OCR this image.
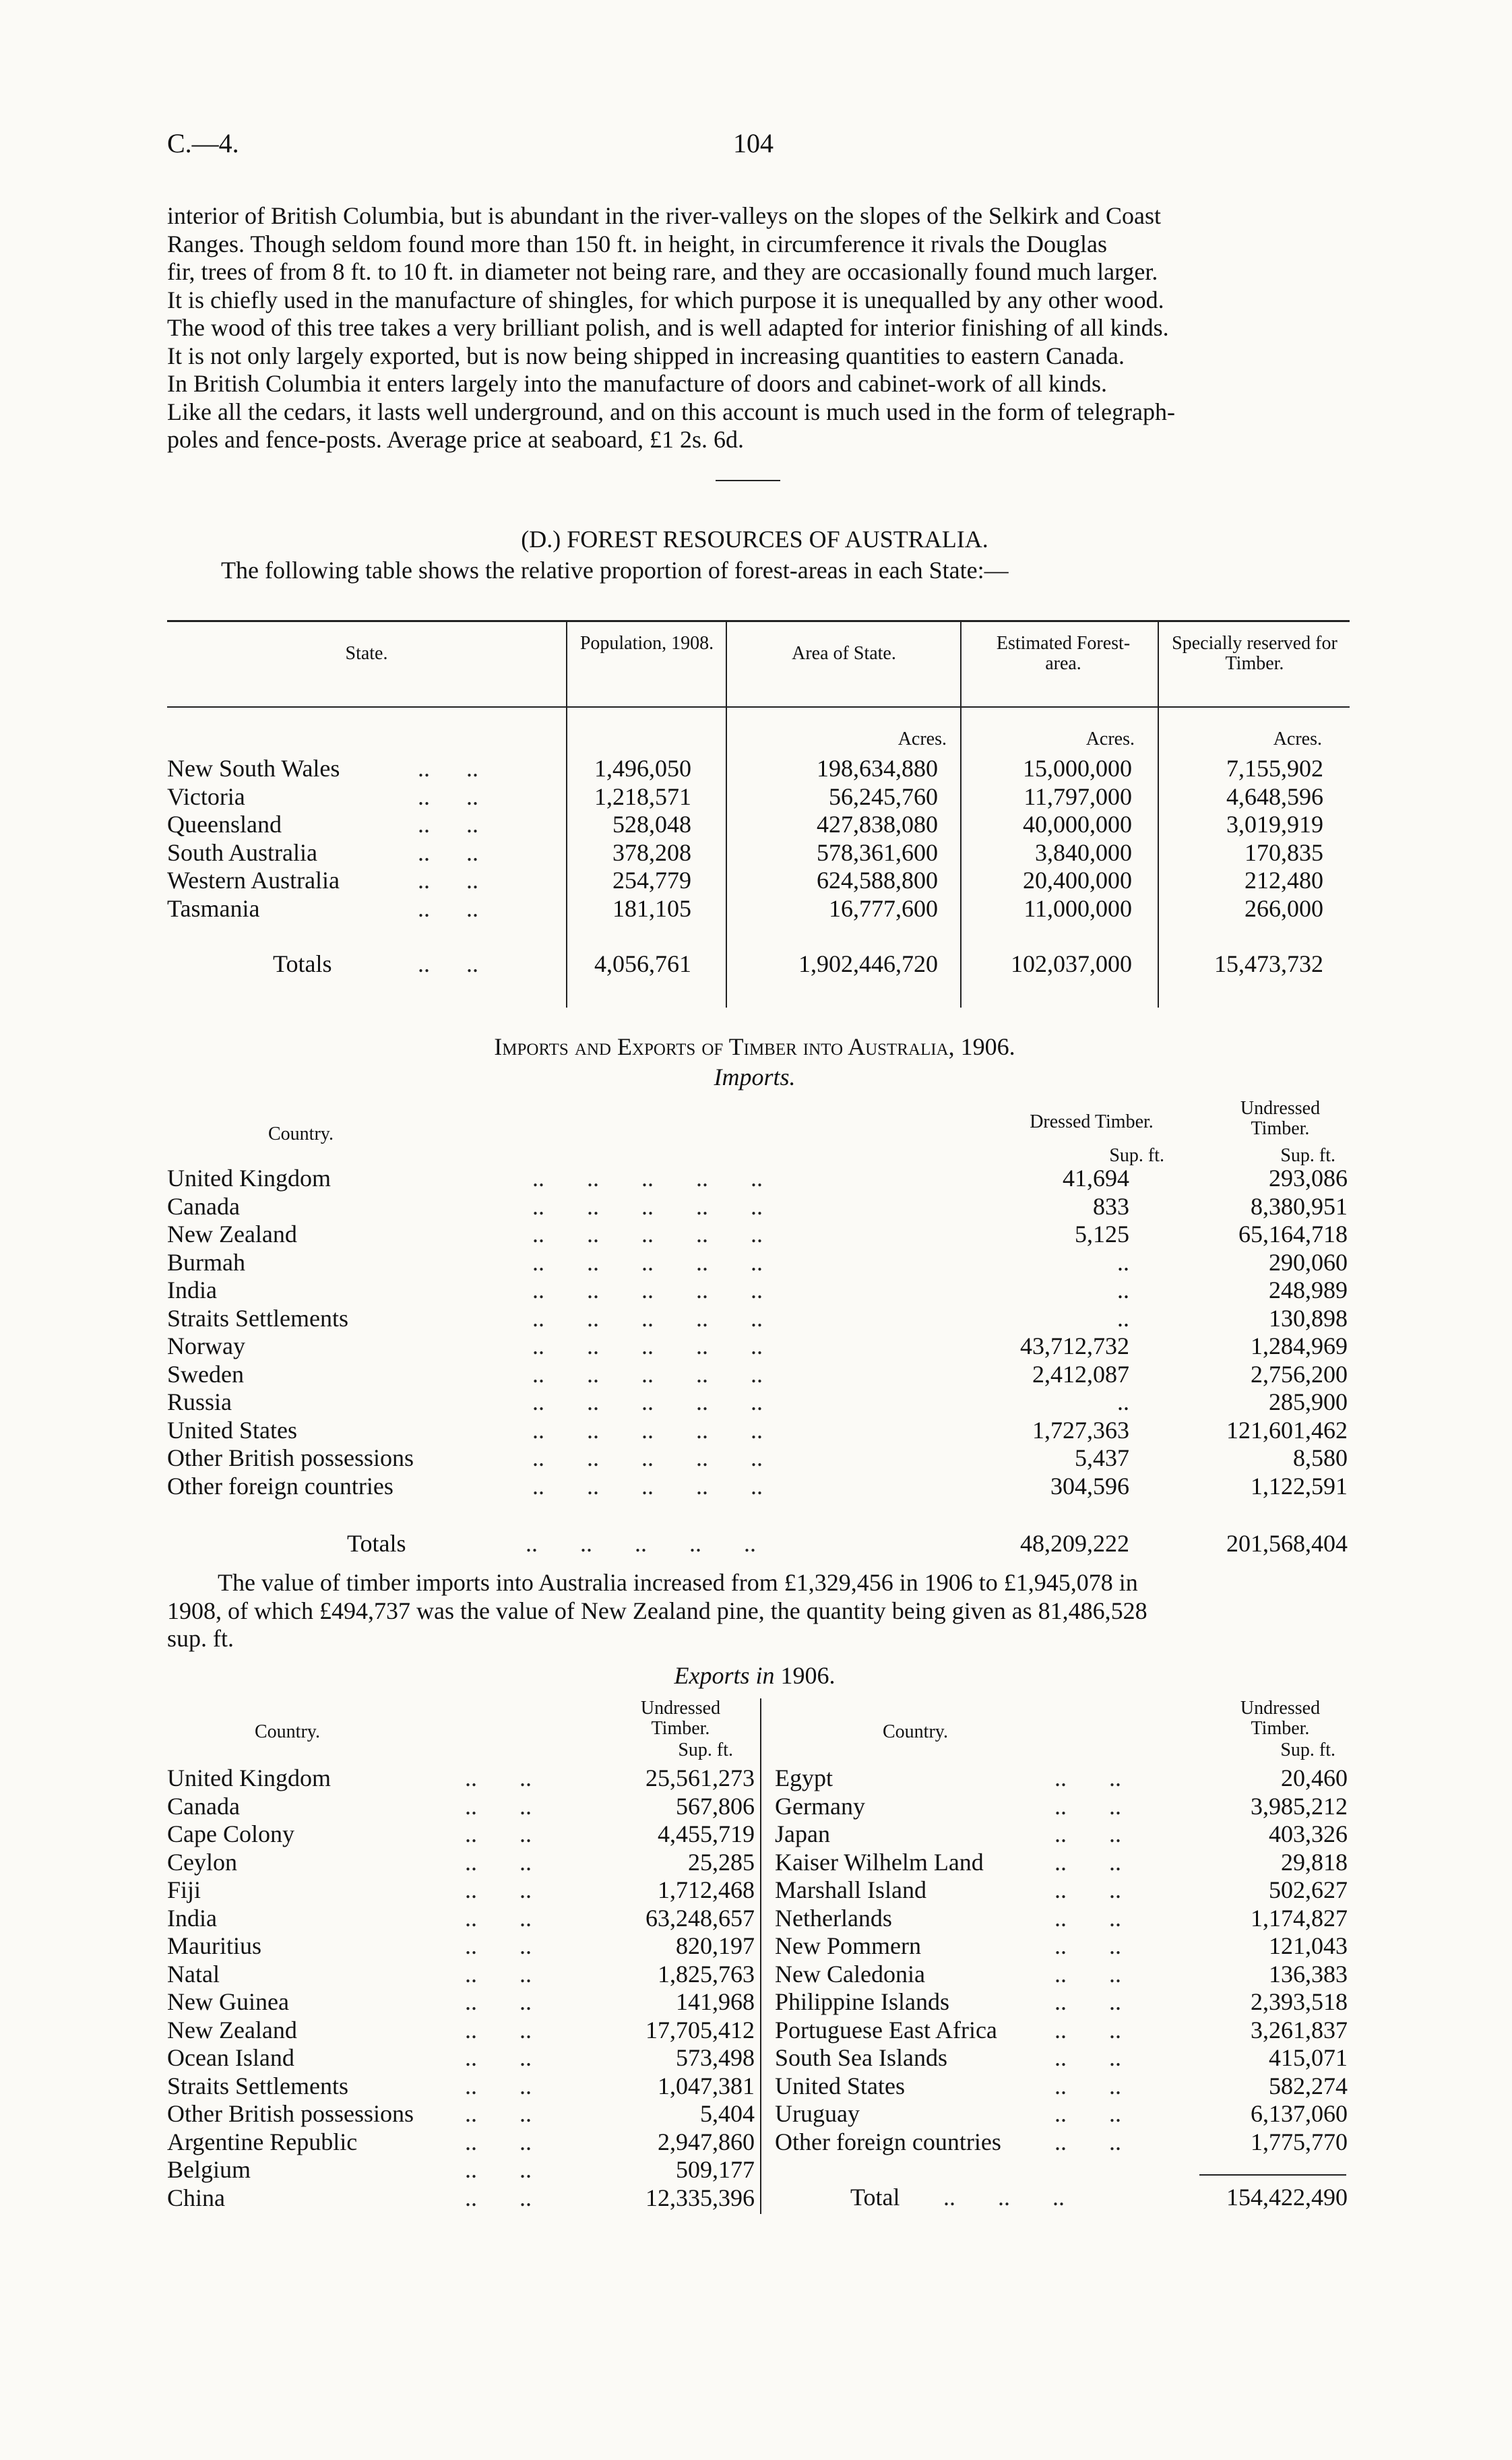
C.—4.	104
interior of British Columbia, but is abundant in the river-valleys on the slopes of the Selkirk and Coast
Ranges. Though seldom found more than 150 ft. in height, in circumference it rivals the Douglas
fir, trees of from 8 ft. to 10 ft. in diameter not being rare, and they are occasionally found much larger.
It is chiefly used in the manufacture of shingles, for which purpose it is unequalled by any other wood.
The wood of this tree takes a very brilliant polish, and is well adapted for interior finishing of all kinds.
It is not only largely exported, but is now being shipped in increasing quantities to eastern Canada.
In British Columbia it enters largely into the manufacture of doors and cabinet-work of all kinds.
Like all the cedars, it lasts well underground, and on this account is much used in the form of telegraph-
poles and fence-posts. Average price at seaboard, £1 2s. 6d.
(D.) FOREST RESOURCES OF AUSTRALIA.
The following table shows the relative proportion of forest-areas in each State:—
State.	Population, 1908.	Area of State.	Estimated Forest-area.
Specially reserved for Timber.
Acres.	Acres.	Acres.
New South Wales	..      ..	1,496,050	198,634,880	15,000,000	7,155,902
Victoria	..      ..	1,218,571	56,245,760	11,797,000	4,648,596
Queensland	..      ..	528,048	427,838,080	40,000,000	3,019,919
South Australia	..      ..	378,208	578,361,600	3,840,000	170,835
Western Australia	..      ..	254,779	624,588,800	20,400,000	212,480
Tasmania	..      ..	181,105	16,777,600	11,000,000	266,000
Totals	..      ..	4,056,761	1,902,446,720	102,037,000	15,473,732
Imports and Exports of Timber into Australia, 1906.
Imports.
Country.
Dressed Timber.
Undressed Timber.
Sup. ft.	Sup. ft.
United Kingdom	..       ..       ..       ..       ..	41,694	293,086
Canada	..       ..       ..       ..       ..	833	8,380,951
New Zealand	..       ..       ..       ..       ..	5,125	65,164,718
Burmah	..       ..       ..       ..       ..	..	290,060
India	..       ..       ..       ..       ..	..	248,989
Straits Settlements	..       ..       ..       ..       ..	..	130,898
Norway	..       ..       ..       ..       ..	43,712,732	1,284,969
Sweden	..       ..       ..       ..       ..	2,412,087	2,756,200
Russia	..       ..       ..       ..       ..	..	285,900
United States	..       ..       ..       ..       ..	1,727,363	121,601,462
Other British possessions	..       ..       ..       ..       ..	5,437	8,580
Other foreign countries	..       ..       ..       ..       ..	304,596	1,122,591
Totals	..       ..       ..       ..       ..	48,209,222	201,568,404
The value of timber imports into Australia increased from £1,329,456 in 1906 to £1,945,078 in
1908, of which £494,737 was the value of New Zealand pine, the quantity being given as 81,486,528
sup. ft.
Exports in 1906.
Country.
Undressed Timber.
Sup. ft.
Country.
Undressed Timber.
Sup. ft.
United Kingdom	..       ..	25,561,273
Canada	..       ..	567,806
Cape Colony	..       ..	4,455,719
Ceylon	..       ..	25,285
Fiji	..       ..	1,712,468
India	..       ..	63,248,657
Mauritius	..       ..	820,197
Natal	..       ..	1,825,763
New Guinea	..       ..	141,968
New Zealand	..       ..	17,705,412
Ocean Island	..       ..	573,498
Straits Settlements	..       ..	1,047,381
Other British possessions ..       ..	5,404
Argentine Republic	..       ..	2,947,860
Belgium	..       ..	509,177
China	..       ..	12,335,396
Egypt	..       ..	20,460
Germany	..       ..	3,985,212
Japan	..       ..	403,326
Kaiser Wilhelm Land	..       ..	29,818
Marshall Island	..       ..	502,627
Netherlands	..       ..	1,174,827
New Pommern	..       ..	121,043
New Caledonia	..       ..	136,383
Philippine Islands	..       ..	2,393,518
Portuguese East Africa ..       ..	3,261,837
South Sea Islands	..       ..	415,071
United States	..       ..	582,274
Uruguay	..       ..	6,137,060
Other foreign countries ..       ..	1,775,770
Total ..       ..       ..	154,422,490
